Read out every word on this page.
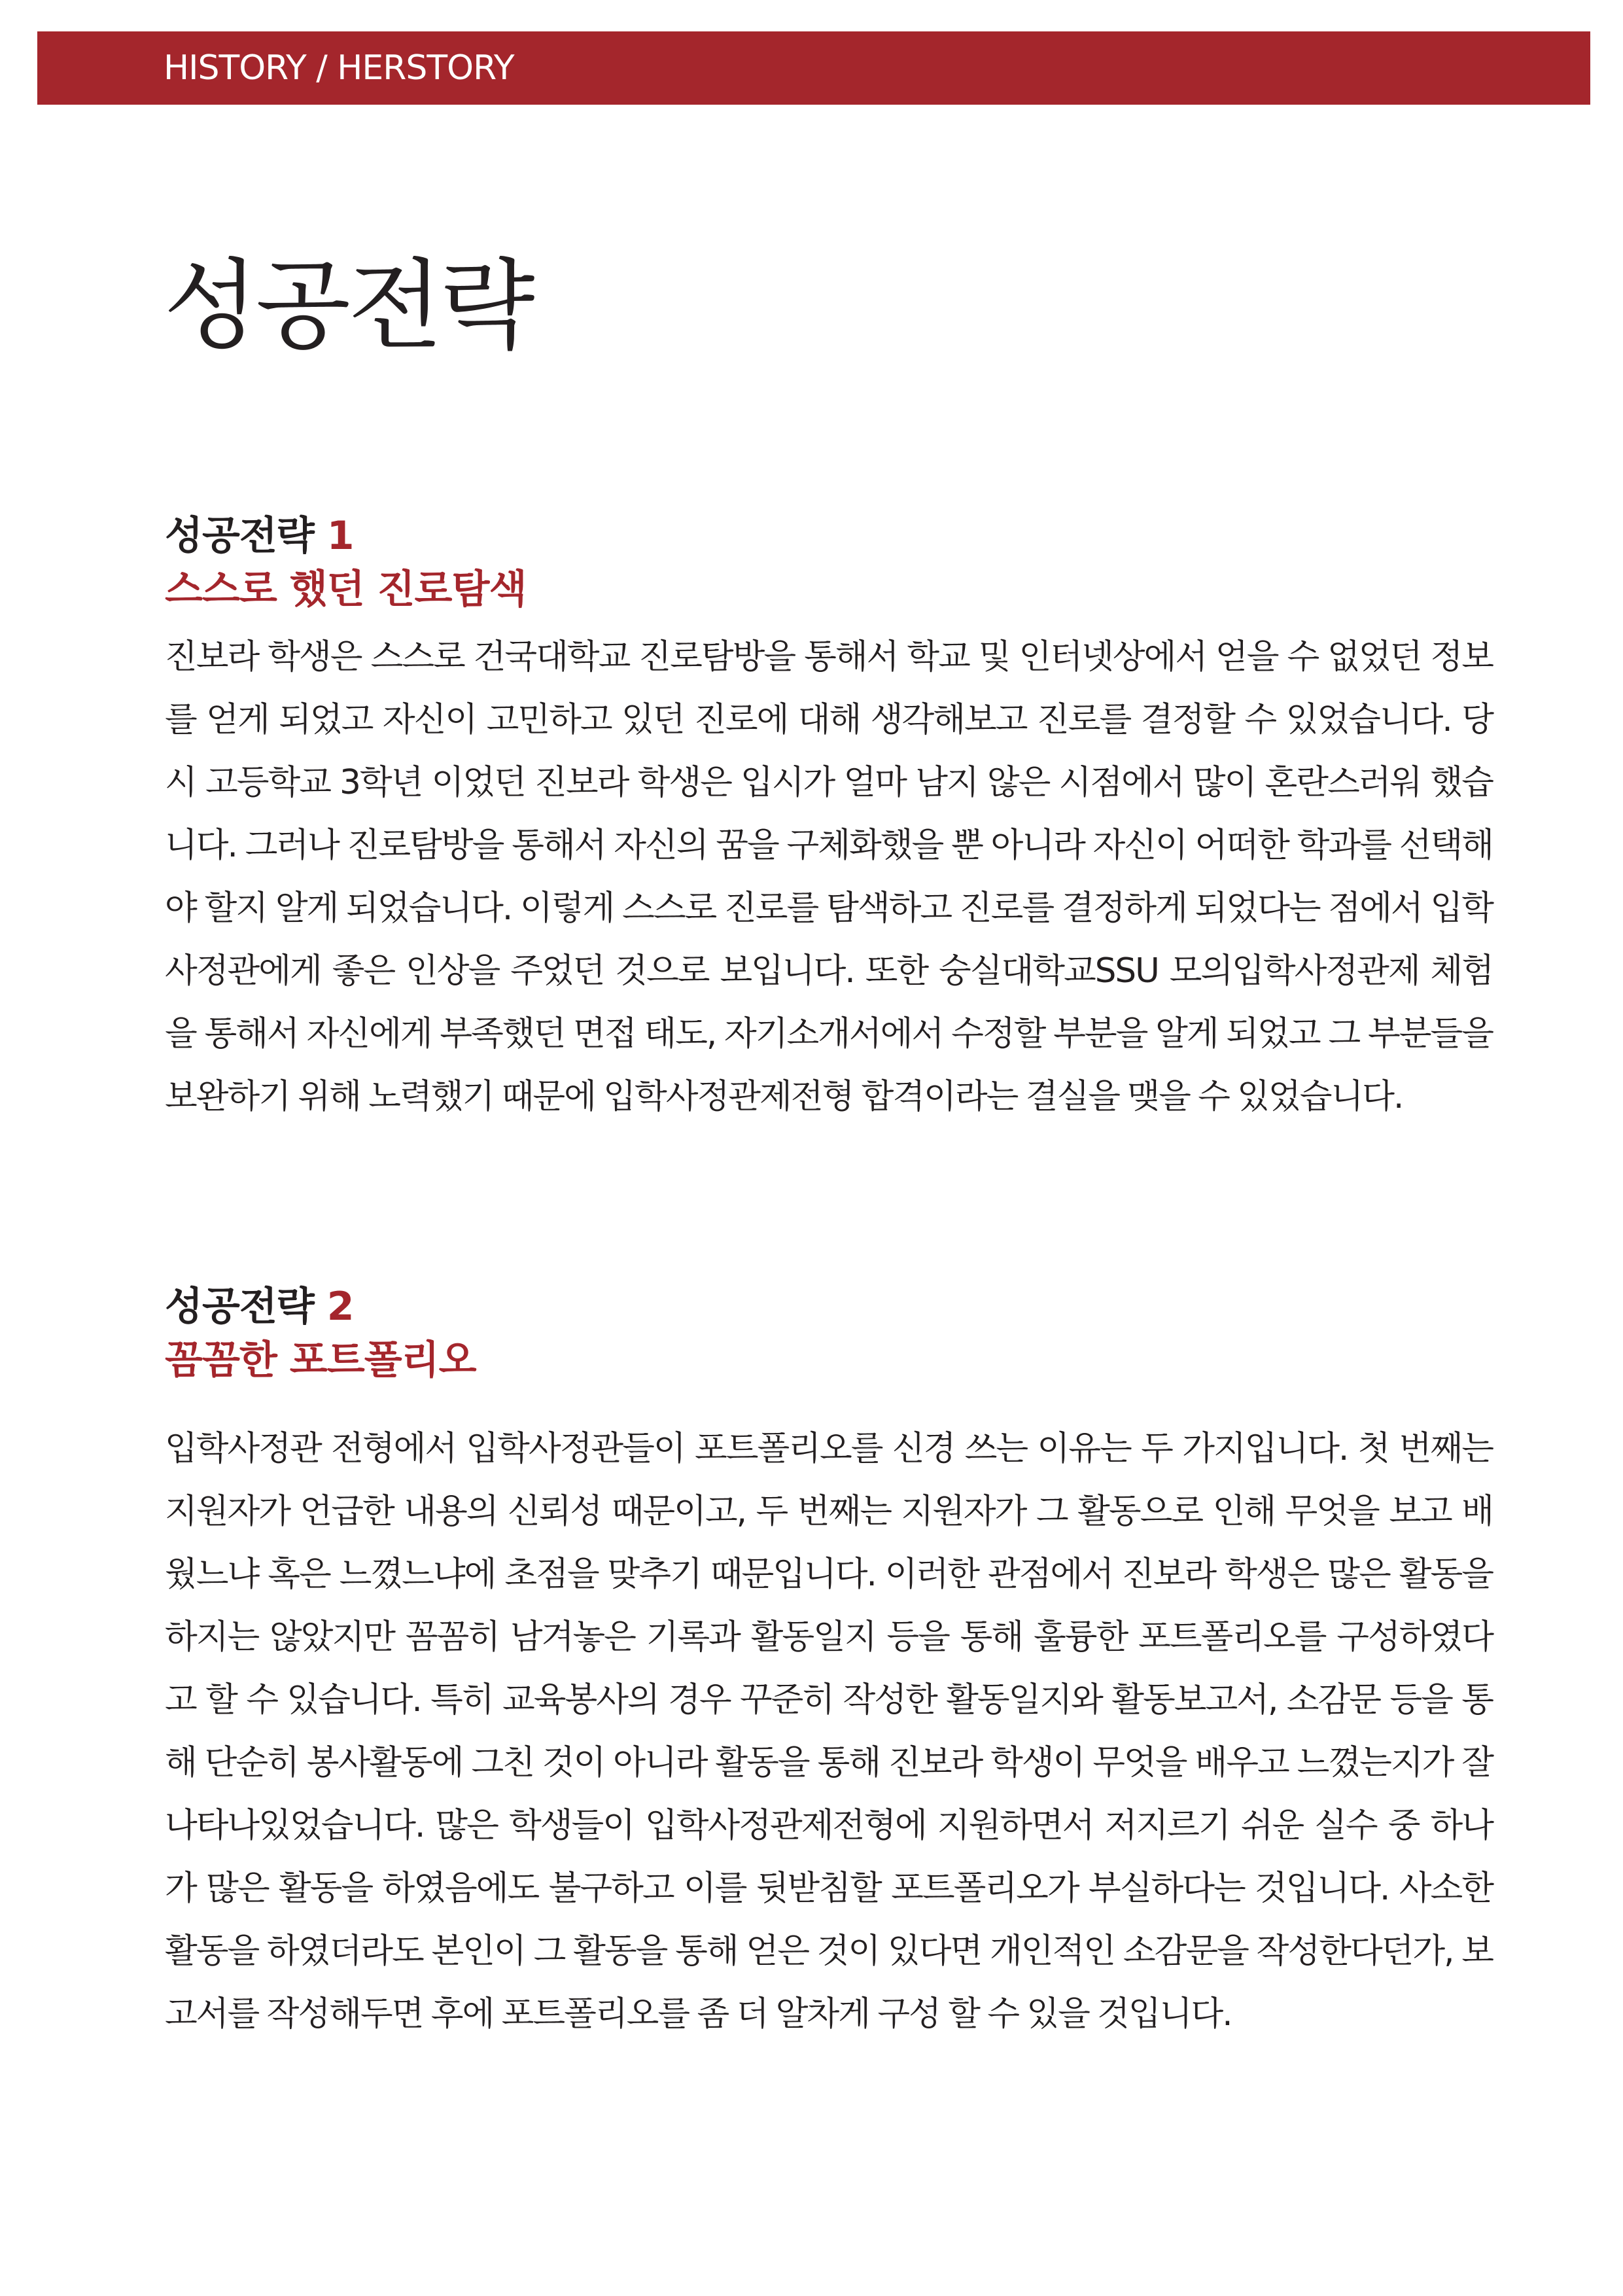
HISTORY / HERSTORY
성공전략
성공전략 1
스스로 했던 진로탐색
진보라 학생은 스스로 건국대학교 진로탐방을 통해서 학교 및 인터넷상에서 얻을 수 없었던 정보를 얻게 되었고 자신이 고민하고 있던 진로에 대해 생각해보고 진로를 결정할 수 있었습니다. 당시 고등학교 3학년 이었던 진보라 학생은 입시가 얼마 남지 않은 시점에서 많이 혼란스러워 했습니다. 그러나 진로탐방을 통해서 자신의 꿈을 구체화했을 뿐 아니라 자신이 어떠한 학과를 선택해야 할지 알게 되었습니다. 이렇게 스스로 진로를 탐색하고 진로를 결정하게 되었다는 점에서 입학사정관에게 좋은 인상을 주었던 것으로 보입니다. 또한 숭실대학교SSU 모의입학사정관제 체험을 통해서 자신에게 부족했던 면접 태도, 자기소개서에서 수정할 부분을 알게 되었고 그 부분들을 보완하기 위해 노력했기 때문에 입학사정관제전형 합격이라는 결실을 맺을 수 있었습니다.
성공전략 2
꼼꼼한 포트폴리오
입학사정관 전형에서 입학사정관들이 포트폴리오를 신경 쓰는 이유는 두 가지입니다. 첫 번째는 지원자가 언급한 내용의 신뢰성 때문이고, 두 번째는 지원자가 그 활동으로 인해 무엇을 보고 배웠느냐 혹은 느꼈느냐에 초점을 맞추기 때문입니다. 이러한 관점에서 진보라 학생은 많은 활동을 하지는 않았지만 꼼꼼히 남겨놓은 기록과 활동일지 등을 통해 훌륭한 포트폴리오를 구성하였다고 할 수 있습니다. 특히 교육봉사의 경우 꾸준히 작성한 활동일지와 활동보고서, 소감문 등을 통해 단순히 봉사활동에 그친 것이 아니라 활동을 통해 진보라 학생이 무엇을 배우고 느꼈는지가 잘 나타나있었습니다. 많은 학생들이 입학사정관제전형에 지원하면서 저지르기 쉬운 실수 중 하나가 많은 활동을 하였음에도 불구하고 이를 뒷받침할 포트폴리오가 부실하다는 것입니다. 사소한 활동을 하였더라도 본인이 그 활동을 통해 얻은 것이 있다면 개인적인 소감문을 작성한다던가, 보고서를 작성해두면 후에 포트폴리오를 좀 더 알차게 구성 할 수 있을 것입니다.
